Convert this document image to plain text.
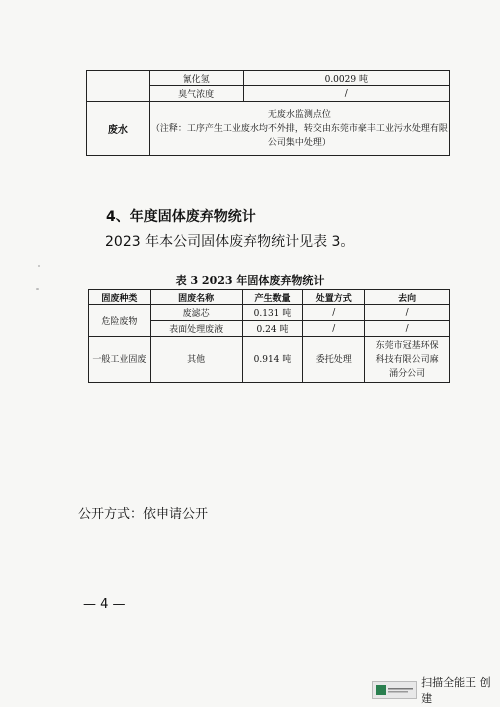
	氰化氢	0.0029 吨
	臭气浓度	/
废水	无废水监测点位
（注释：工序产生工业废水均不外排，转交由东莞市豪丰工业污水处理有限
公司集中处理）	
4、年度固体废弃物统计
2023 年本公司固体废弃物统计见表 3。
表 3 2023 年固体废弃物统计
固废种类	固废名称	产生数量	处置方式	去向
危险废物	废滤芯	0.131 吨	/	/
	表面处理废液	0.24 吨	/	/
一般工业固废	其他	0.914 吨	委托处理	东莞市冠基环保
科技有限公司麻
涌分公司
公开方式：依申请公开
— 4 —
扫描全能王 创建
